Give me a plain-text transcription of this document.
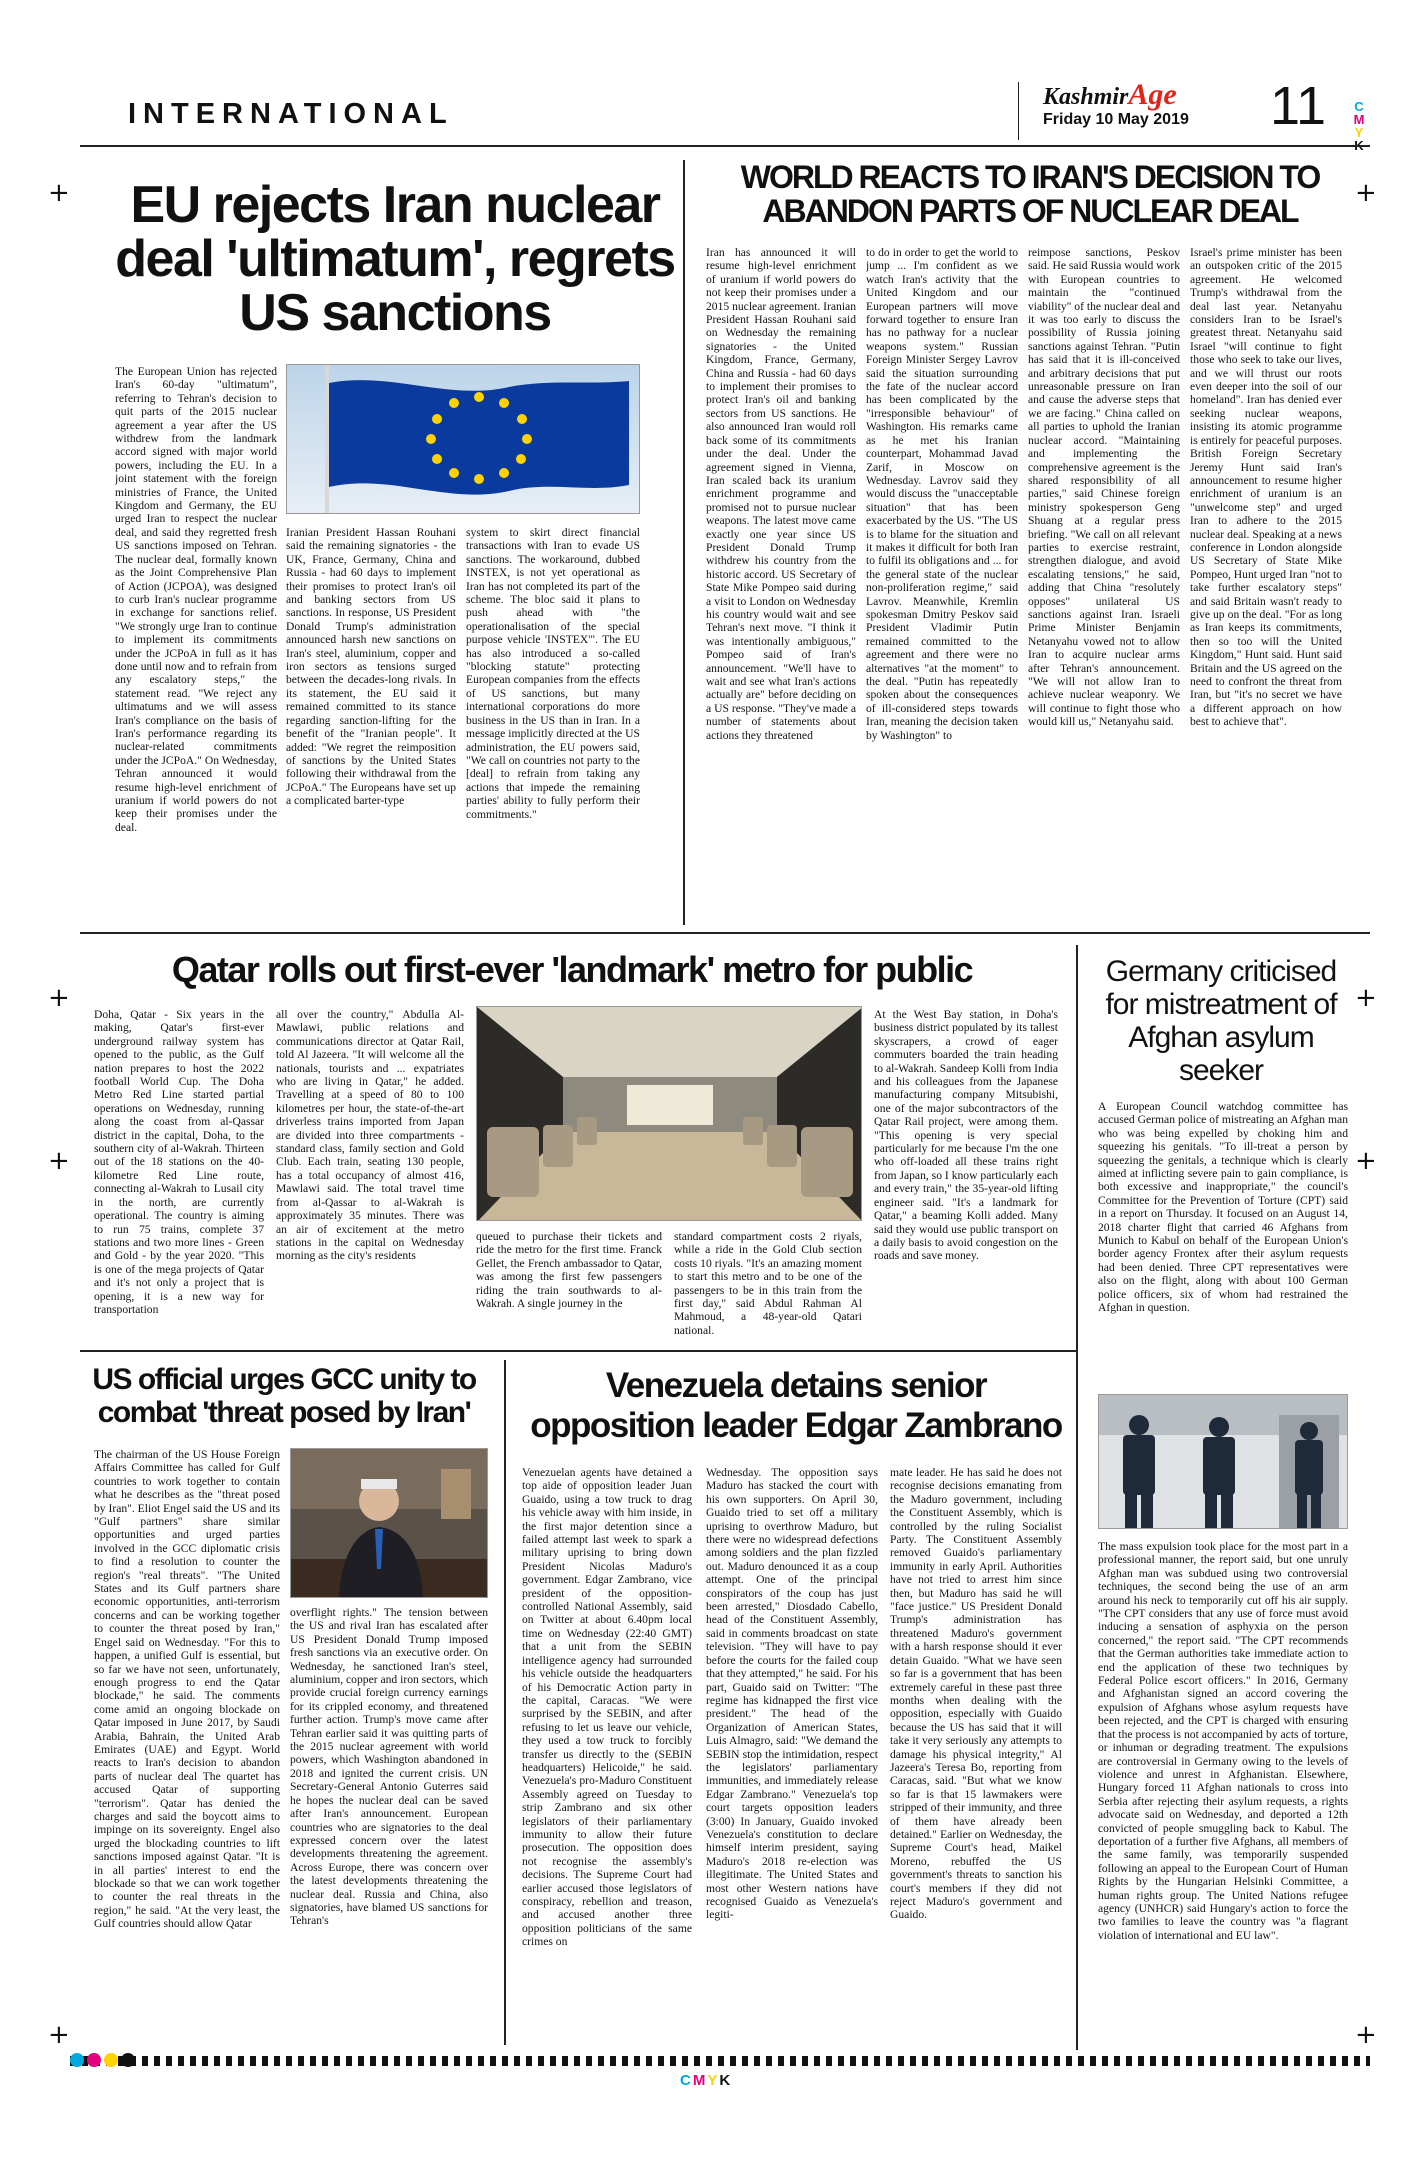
INTERNATIONAL
KashmirAge
Friday 10 May 2019	11 C
M
Y
+	+
+	+
+	+
+	+
EU rejects Iran nuclear deal 'ultimatum', regrets US sanctions
The European Union has rejected Iran's 60-day "ultimatum", referring to Tehran's decision to quit parts of the 2015 nuclear agreement a year after the US withdrew from the landmark accord signed with major world powers, including the EU. In a joint statement with the foreign ministries of France, the United Kingdom and Germany, the EU urged Iran to respect the nuclear deal, and said they regretted fresh US sanctions imposed on Tehran. The nuclear deal, formally known as the Joint Comprehensive Plan of Action (JCPOA), was designed to curb Iran's nuclear programme in exchange for sanctions relief. "We strongly urge Iran to continue to implement its commitments under the JCPoA in full as it has done until now and to refrain from any escalatory steps," the statement read. "We reject any ultimatums and we will assess Iran's compliance on the basis of Iran's performance regarding its nuclear-related commitments under the JCPoA." On Wednesday, Tehran announced it would resume high-level enrichment of uranium if world powers do not keep their promises under the deal.
Iranian President Hassan Rouhani said the remaining signatories - the UK, France, Germany, China and Russia - had 60 days to implement their promises to protect Iran's oil and banking sectors from US sanctions. In response, US President Donald Trump's administration announced harsh new sanctions on Iran's steel, aluminium, copper and iron sectors as tensions surged between the decades-long rivals. In its statement, the EU said it remained committed to its stance regarding sanction-lifting for the benefit of the "Iranian people". It added: "We regret the reimposition of sanctions by the United States following their withdrawal from the JCPoA." The Europeans have set up a complicated barter-type
system to skirt direct financial transactions with Iran to evade US sanctions. The workaround, dubbed INSTEX, is not yet operational as Iran has not completed its part of the scheme. The bloc said it plans to push ahead with "the operationalisation of the special purpose vehicle 'INSTEX'". The EU has also introduced a so-called "blocking statute" protecting European companies from the effects of US sanctions, but many international corporations do more business in the US than in Iran. In a message implicitly directed at the US administration, the EU powers said, "We call on countries not party to the [deal] to refrain from taking any actions that impede the remaining parties' ability to fully perform their commitments."
WORLD REACTS TO IRAN'S DECISION TO ABANDON PARTS OF NUCLEAR DEAL
Iran has announced it will resume high-level enrichment of uranium if world powers do not keep their promises under a 2015 nuclear agreement. Iranian President Hassan Rouhani said on Wednesday the remaining signatories - the United Kingdom, France, Germany, China and Russia - had 60 days to implement their promises to protect Iran's oil and banking sectors from US sanctions. He also announced Iran would roll back some of its commitments under the deal. Under the agreement signed in Vienna, Iran scaled back its uranium enrichment programme and promised not to pursue nuclear weapons. The latest move came exactly one year since US President Donald Trump withdrew his country from the historic accord. US Secretary of State Mike Pompeo said during a visit to London on Wednesday his country would wait and see Tehran's next move. "I think it was intentionally ambiguous," Pompeo said of Iran's announcement. "We'll have to wait and see what Iran's actions actually are" before deciding on a US response. "They've made a number of statements about actions they threatened
to do in order to get the world to jump ... I'm confident as we watch Iran's activity that the United Kingdom and our European partners will move forward together to ensure Iran has no pathway for a nuclear weapons system." Russian Foreign Minister Sergey Lavrov said the situation surrounding the fate of the nuclear accord has been complicated by the "irresponsible behaviour" of Washington. His remarks came as he met his Iranian counterpart, Mohammad Javad Zarif, in Moscow on Wednesday. Lavrov said they would discuss the "unacceptable situation" that has been exacerbated by the US. "The US is to blame for the situation and it makes it difficult for both Iran to fulfil its obligations and ... for the general state of the nuclear non-proliferation regime," said Lavrov. Meanwhile, Kremlin spokesman Dmitry Peskov said President Vladimir Putin remained committed to the agreement and there were no alternatives "at the moment" to the deal. "Putin has repeatedly spoken about the consequences of ill-considered steps towards Iran, meaning the decision taken by Washington" to
reimpose sanctions, Peskov said. He said Russia would work with European countries to maintain the "continued viability" of the nuclear deal and it was too early to discuss the possibility of Russia joining sanctions against Tehran. "Putin has said that it is ill-conceived and arbitrary decisions that put unreasonable pressure on Iran and cause the adverse steps that we are facing." China called on all parties to uphold the Iranian nuclear accord. "Maintaining and implementing the comprehensive agreement is the shared responsibility of all parties," said Chinese foreign ministry spokesperson Geng Shuang at a regular press briefing. "We call on all relevant parties to exercise restraint, strengthen dialogue, and avoid escalating tensions," he said, adding that China "resolutely opposes" unilateral US sanctions against Iran. Israeli Prime Minister Benjamin Netanyahu vowed not to allow Iran to acquire nuclear arms after Tehran's announcement. "We will not allow Iran to achieve nuclear weaponry. We will continue to fight those who would kill us," Netanyahu said.
Israel's prime minister has been an outspoken critic of the 2015 agreement. He welcomed Trump's withdrawal from the deal last year. Netanyahu considers Iran to be Israel's greatest threat. Netanyahu said Israel "will continue to fight those who seek to take our lives, and we will thrust our roots even deeper into the soil of our homeland". Iran has denied ever seeking nuclear weapons, insisting its atomic programme is entirely for peaceful purposes. British Foreign Secretary Jeremy Hunt said Iran's announcement to resume higher enrichment of uranium is an "unwelcome step" and urged Iran to adhere to the 2015 nuclear deal. Speaking at a news conference in London alongside US Secretary of State Mike Pompeo, Hunt urged Iran "not to take further escalatory steps" and said Britain wasn't ready to give up on the deal. "For as long as Iran keeps its commitments, then so too will the United Kingdom," Hunt said. Hunt said Britain and the US agreed on the need to confront the threat from Iran, but "it's no secret we have a different approach on how best to achieve that".
Qatar rolls out first-ever 'landmark' metro for public
Doha, Qatar - Six years in the making, Qatar's first-ever underground railway system has opened to the public, as the Gulf nation prepares to host the 2022 football World Cup. The Doha Metro Red Line started partial operations on Wednesday, running along the coast from al-Qassar district in the capital, Doha, to the southern city of al-Wakrah. Thirteen out of the 18 stations on the 40-kilometre Red Line route, connecting al-Wakrah to Lusail city in the north, are currently operational. The country is aiming to run 75 trains, complete 37 stations and two more lines - Green and Gold - by the year 2020. "This is one of the mega projects of Qatar and it's not only a project that is opening, it is a new way for transportation
all over the country," Abdulla Al-Mawlawi, public relations and communications director at Qatar Rail, told Al Jazeera. "It will welcome all the nationals, tourists and ... expatriates who are living in Qatar," he added. Travelling at a speed of 80 to 100 kilometres per hour, the state-of-the-art driverless trains imported from Japan are divided into three compartments - standard class, family section and Gold Club. Each train, seating 130 people, has a total occupancy of almost 416, Mawlawi said. The total travel time from al-Qassar to al-Wakrah is approximately 35 minutes. There was an air of excitement at the metro stations in the capital on Wednesday morning as the city's residents
queued to purchase their tickets and ride the metro for the first time. Franck Gellet, the French ambassador to Qatar, was among the first few passengers riding the train southwards to al-Wakrah. A single journey in the
standard compartment costs 2 riyals, while a ride in the Gold Club section costs 10 riyals. "It's an amazing moment to start this metro and to be one of the passengers to be in this train from the first day," said Abdul Rahman Al Mahmoud, a 48-year-old Qatari national.
At the West Bay station, in Doha's business district populated by its tallest skyscrapers, a crowd of eager commuters boarded the train heading to al-Wakrah. Sandeep Kolli from India and his colleagues from the Japanese manufacturing company Mitsubishi, one of the major subcontractors of the Qatar Rail project, were among them. "This opening is very special particularly for me because I'm the one who off-loaded all these trains right from Japan, so I know particularly each and every train," the 35-year-old lifting engineer said. "It's a landmark for Qatar," a beaming Kolli added. Many said they would use public transport on a daily basis to avoid congestion on the roads and save money.
Germany criticised for mistreatment of Afghan asylum seeker
A European Council watchdog committee has accused German police of mistreating an Afghan man who was being expelled by choking him and squeezing his genitals. "To ill-treat a person by squeezing the genitals, a technique which is clearly aimed at inflicting severe pain to gain compliance, is both excessive and inappropriate," the council's Committee for the Prevention of Torture (CPT) said in a report on Thursday. It focused on an August 14, 2018 charter flight that carried 46 Afghans from Munich to Kabul on behalf of the European Union's border agency Frontex after their asylum requests had been denied. Three CPT representatives were also on the flight, along with about 100 German police officers, six of whom had restrained the Afghan in question.
The mass expulsion took place for the most part in a professional manner, the report said, but one unruly Afghan man was subdued using two controversial techniques, the second being the use of an arm around his neck to temporarily cut off his air supply. "The CPT considers that any use of force must avoid inducing a sensation of asphyxia on the person concerned," the report said. "The CPT recommends that the German authorities take immediate action to end the application of these two techniques by Federal Police escort officers." In 2016, Germany and Afghanistan signed an accord covering the expulsion of Afghans whose asylum requests have been rejected, and the CPT is charged with ensuring that the process is not accompanied by acts of torture, or inhuman or degrading treatment. The expulsions are controversial in Germany owing to the levels of violence and unrest in Afghanistan. Elsewhere, Hungary forced 11 Afghan nationals to cross into Serbia after rejecting their asylum requests, a rights advocate said on Wednesday, and deported a 12th convicted of people smuggling back to Kabul. The deportation of a further five Afghans, all members of the same family, was temporarily suspended following an appeal to the European Court of Human Rights by the Hungarian Helsinki Committee, a human rights group. The United Nations refugee agency (UNHCR) said Hungary's action to force the two families to leave the country was "a flagrant violation of international and EU law".
US official urges GCC unity to combat 'threat posed by Iran'
The chairman of the US House Foreign Affairs Committee has called for Gulf countries to work together to contain what he describes as the "threat posed by Iran". Eliot Engel said the US and its "Gulf partners" share similar opportunities and urged parties involved in the GCC diplomatic crisis to find a resolution to counter the region's "real threats". "The United States and its Gulf partners share economic opportunities, anti-terrorism concerns and can be working together to counter the threat posed by Iran," Engel said on Wednesday. "For this to happen, a unified Gulf is essential, but so far we have not seen, unfortunately, enough progress to end the Qatar blockade," he said. The comments come amid an ongoing blockade on Qatar imposed in June 2017, by Saudi Arabia, Bahrain, the United Arab Emirates (UAE) and Egypt. World reacts to Iran's decision to abandon parts of nuclear deal The quartet has accused Qatar of supporting "terrorism". Qatar has denied the charges and said the boycott aims to impinge on its sovereignty. Engel also urged the blockading countries to lift sanctions imposed against Qatar. "It is in all parties' interest to end the blockade so that we can work together to counter the real threats in the region," he said. "At the very least, the Gulf countries should allow Qatar
overflight rights." The tension between the US and rival Iran has escalated after US President Donald Trump imposed fresh sanctions via an executive order. On Wednesday, he sanctioned Iran's steel, aluminium, copper and iron sectors, which provide crucial foreign currency earnings for its crippled economy, and threatened further action. Trump's move came after Tehran earlier said it was quitting parts of the 2015 nuclear agreement with world powers, which Washington abandoned in 2018 and ignited the current crisis. UN Secretary-General Antonio Guterres said he hopes the nuclear deal can be saved after Iran's announcement. European countries who are signatories to the deal expressed concern over the latest developments threatening the agreement. Across Europe, there was concern over the latest developments threatening the nuclear deal. Russia and China, also signatories, have blamed US sanctions for Tehran's
Venezuela detains senior opposition leader Edgar Zambrano
Venezuelan agents have detained a top aide of opposition leader Juan Guaido, using a tow truck to drag his vehicle away with him inside, in the first major detention since a failed attempt last week to spark a military uprising to bring down President Nicolas Maduro's government. Edgar Zambrano, vice president of the opposition-controlled National Assembly, said on Twitter at about 6.40pm local time on Wednesday (22:40 GMT) that a unit from the SEBIN intelligence agency had surrounded his vehicle outside the headquarters of his Democratic Action party in the capital, Caracas. "We were surprised by the SEBIN, and after refusing to let us leave our vehicle, they used a tow truck to forcibly transfer us directly to the (SEBIN headquarters) Helicoide," he said. Venezuela's pro-Maduro Constituent Assembly agreed on Tuesday to strip Zambrano and six other legislators of their parliamentary immunity to allow their future prosecution. The opposition does not recognise the assembly's decisions. The Supreme Court had earlier accused those legislators of conspiracy, rebellion and treason, and accused another three opposition politicians of the same crimes on
Wednesday. The opposition says Maduro has stacked the court with his own supporters. On April 30, Guaido tried to set off a military uprising to overthrow Maduro, but there were no widespread defections among soldiers and the plan fizzled out. Maduro denounced it as a coup attempt. One of the principal conspirators of the coup has just been arrested," Diosdado Cabello, head of the Constituent Assembly, said in comments broadcast on state television. "They will have to pay before the courts for the failed coup that they attempted," he said. For his part, Guaido said on Twitter: "The regime has kidnapped the first vice president." The head of the Organization of American States, Luis Almagro, said: "We demand the SEBIN stop the intimidation, respect the legislators' parliamentary immunities, and immediately release Edgar Zambrano." Venezuela's top court targets opposition leaders (3:00) In January, Guaido invoked Venezuela's constitution to declare himself interim president, saying Maduro's 2018 re-election was illegitimate. The United States and most other Western nations have recognised Guaido as Venezuela's legiti-
mate leader. He has said he does not recognise decisions emanating from the Maduro government, including the Constituent Assembly, which is controlled by the ruling Socialist Party. The Constituent Assembly removed Guaido's parliamentary immunity in early April. Authorities have not tried to arrest him since then, but Maduro has said he will "face justice." US President Donald Trump's administration has threatened Maduro's government with a harsh response should it ever detain Guaido. "What we have seen so far is a government that has been extremely careful in these past three months when dealing with the opposition, especially with Guaido because the US has said that it will take it very seriously any attempts to damage his physical integrity," Al Jazeera's Teresa Bo, reporting from Caracas, said. "But what we know so far is that 15 lawmakers were stripped of their immunity, and three of them have already been detained." Earlier on Wednesday, the Supreme Court's head, Maikel Moreno, rebuffed the US government's threats to sanction his court's members if they did not reject Maduro's government and Guaido.
CMYK
